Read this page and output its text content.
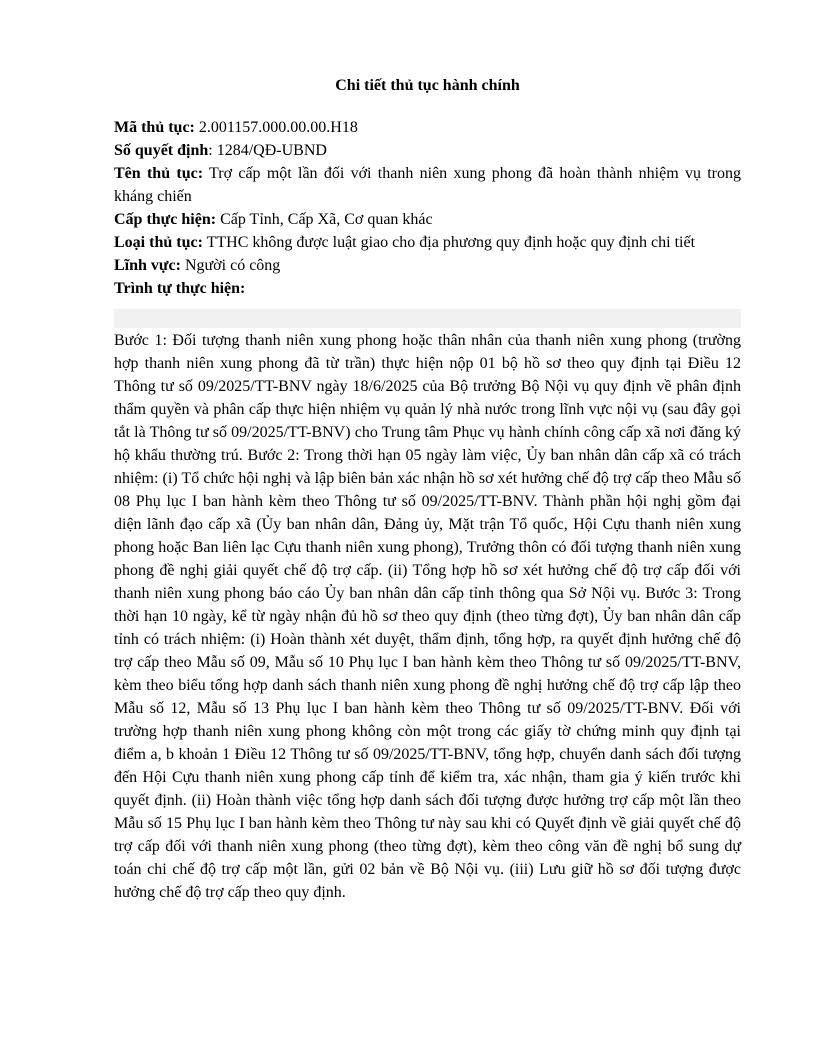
Chi tiết thủ tục hành chính

Mã thủ tục: 2.001157.000.00.00.H18

Số quyết định: 1284/QĐ-UBND

Tên thủ tục: Trợ cấp một lần đối với thanh niên xung phong đã hoàn thành nhiệm vụ trong kháng chiến

Cấp thực hiện: Cấp Tỉnh, Cấp Xã, Cơ quan khác

Loại thủ tục: TTHC không được luật giao cho địa phương quy định hoặc quy định chi tiết

Lĩnh vực: Người có công

Trình tự thực hiện:

Bước 1: Đối tượng thanh niên xung phong hoặc thân nhân của thanh niên xung phong (trường hợp thanh niên xung phong đã từ trần) thực hiện nộp 01 bộ hồ sơ theo quy định tại Điều 12 Thông tư số 09/2025/TT-BNV ngày 18/6/2025 của Bộ trưởng Bộ Nội vụ quy định về phân định thẩm quyền và phân cấp thực hiện nhiệm vụ quản lý nhà nước trong lĩnh vực nội vụ (sau đây gọi tắt là Thông tư số 09/2025/TT-BNV) cho Trung tâm Phục vụ hành chính công cấp xã nơi đăng ký hộ khẩu thường trú. Bước 2: Trong thời hạn 05 ngày làm việc, Ủy ban nhân dân cấp xã có trách nhiệm: (i) Tổ chức hội nghị và lập biên bản xác nhận hồ sơ xét hưởng chế độ trợ cấp theo Mẫu số 08 Phụ lục I ban hành kèm theo Thông tư số 09/2025/TT-BNV. Thành phần hội nghị gồm đại diện lãnh đạo cấp xã (Ủy ban nhân dân, Đảng ủy, Mặt trận Tổ quốc, Hội Cựu thanh niên xung phong hoặc Ban liên lạc Cựu thanh niên xung phong), Trưởng thôn có đối tượng thanh niên xung phong đề nghị giải quyết chế độ trợ cấp. (ii) Tổng hợp hồ sơ xét hưởng chế độ trợ cấp đối với thanh niên xung phong báo cáo Ủy ban nhân dân cấp tỉnh thông qua Sở Nội vụ. Bước 3: Trong thời hạn 10 ngày, kể từ ngày nhận đủ hồ sơ theo quy định (theo từng đợt), Ủy ban nhân dân cấp tỉnh có trách nhiệm: (i) Hoàn thành xét duyệt, thẩm định, tổng hợp, ra quyết định hưởng chế độ trợ cấp theo Mẫu số 09, Mẫu số 10 Phụ lục I ban hành kèm theo Thông tư số 09/2025/TT-BNV, kèm theo biểu tổng hợp danh sách thanh niên xung phong đề nghị hưởng chế độ trợ cấp lập theo Mẫu số 12, Mẫu số 13 Phụ lục I ban hành kèm theo Thông tư số 09/2025/TT-BNV. Đối với trường hợp thanh niên xung phong không còn một trong các giấy tờ chứng minh quy định tại điểm a, b khoản 1 Điều 12 Thông tư số 09/2025/TT-BNV, tổng hợp, chuyển danh sách đối tượng đến Hội Cựu thanh niên xung phong cấp tỉnh để kiểm tra, xác nhận, tham gia ý kiến trước khi quyết định. (ii) Hoàn thành việc tổng hợp danh sách đối tượng được hưởng trợ cấp một lần theo Mẫu số 15 Phụ lục I ban hành kèm theo Thông tư này sau khi có Quyết định về giải quyết chế độ trợ cấp đối với thanh niên xung phong (theo từng đợt), kèm theo công văn đề nghị bổ sung dự toán chi chế độ trợ cấp một lần, gửi 02 bản về Bộ Nội vụ. (iii) Lưu giữ hồ sơ đối tượng được hưởng chế độ trợ cấp theo quy định.
